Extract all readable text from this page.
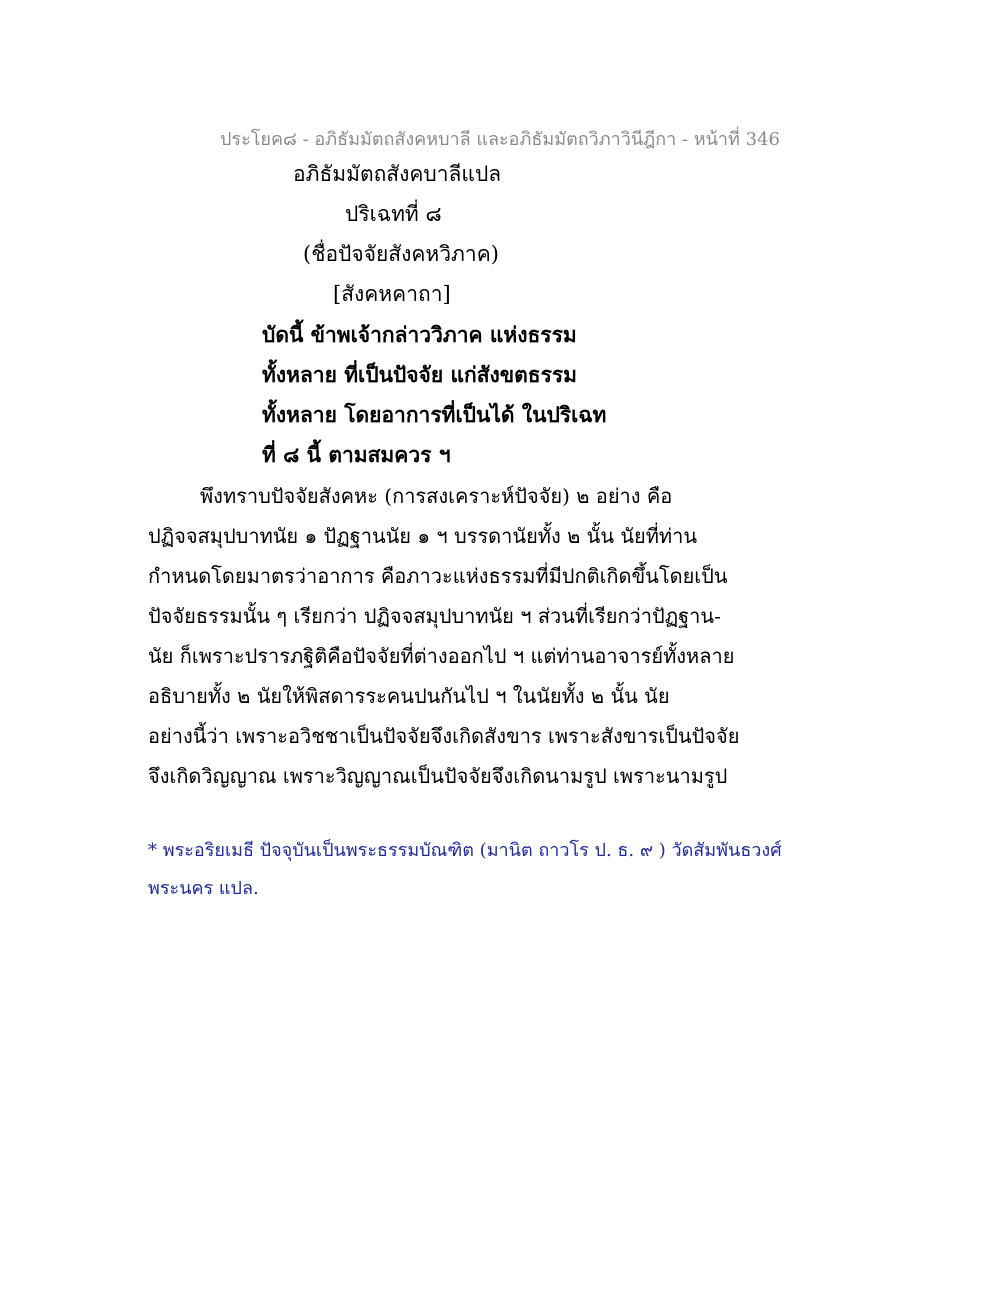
ประโยค๘ - อภิธัมมัตถสังคหบาลี และอภิธัมมัตถวิภาวินีฎีกา - หน้าที่ 346
อภิธัมมัตถสังคบาลีแปล
ปริเฉทที่ ๘
(ชื่อปัจจัยสังคหวิภาค)
[สังคหคาถา]
บัดนี้ ข้าพเจ้ากล่าววิภาค แห่งธรรม
ทั้งหลาย ที่เป็นปัจจัย แก่สังขตธรรม
ทั้งหลาย โดยอาการที่เป็นได้ ในปริเฉท
ที่ ๘ นี้ ตามสมควร ฯ
พึงทราบปัจจัยสังคหะ (การสงเคราะห์ปัจจัย) ๒ อย่าง คือ
ปฏิจจสมุปบาทนัย ๑ ปัฏฐานนัย ๑ ฯ บรรดานัยทั้ง ๒ นั้น นัยที่ท่าน
กำหนดโดยมาตรว่าอาการ คือภาวะแห่งธรรมที่มีปกติเกิดขึ้นโดยเป็น
ปัจจัยธรรมนั้น ๆ เรียกว่า ปฏิจจสมุปบาทนัย ฯ ส่วนที่เรียกว่าปัฏฐาน-
นัย ก็เพราะปรารภฐิติคือปัจจัยที่ต่างออกไป ฯ แต่ท่านอาจารย์ทั้งหลาย
อธิบายทั้ง ๒ นัยให้พิสดารระคนปนกันไป ฯ ในนัยทั้ง ๒ นั้น นัย
อย่างนี้ว่า เพราะอวิชชาเป็นปัจจัยจึงเกิดสังขาร เพราะสังขารเป็นปัจจัย
จึงเกิดวิญญาณ เพราะวิญญาณเป็นปัจจัยจึงเกิดนามรูป เพราะนามรูป
* พระอริยเมธี ปัจจุบันเป็นพระธรรมบัณฑิต (มานิต ถาวโร ป. ธ. ๙ ) วัดสัมพันธวงศ์
พระนคร แปล.
